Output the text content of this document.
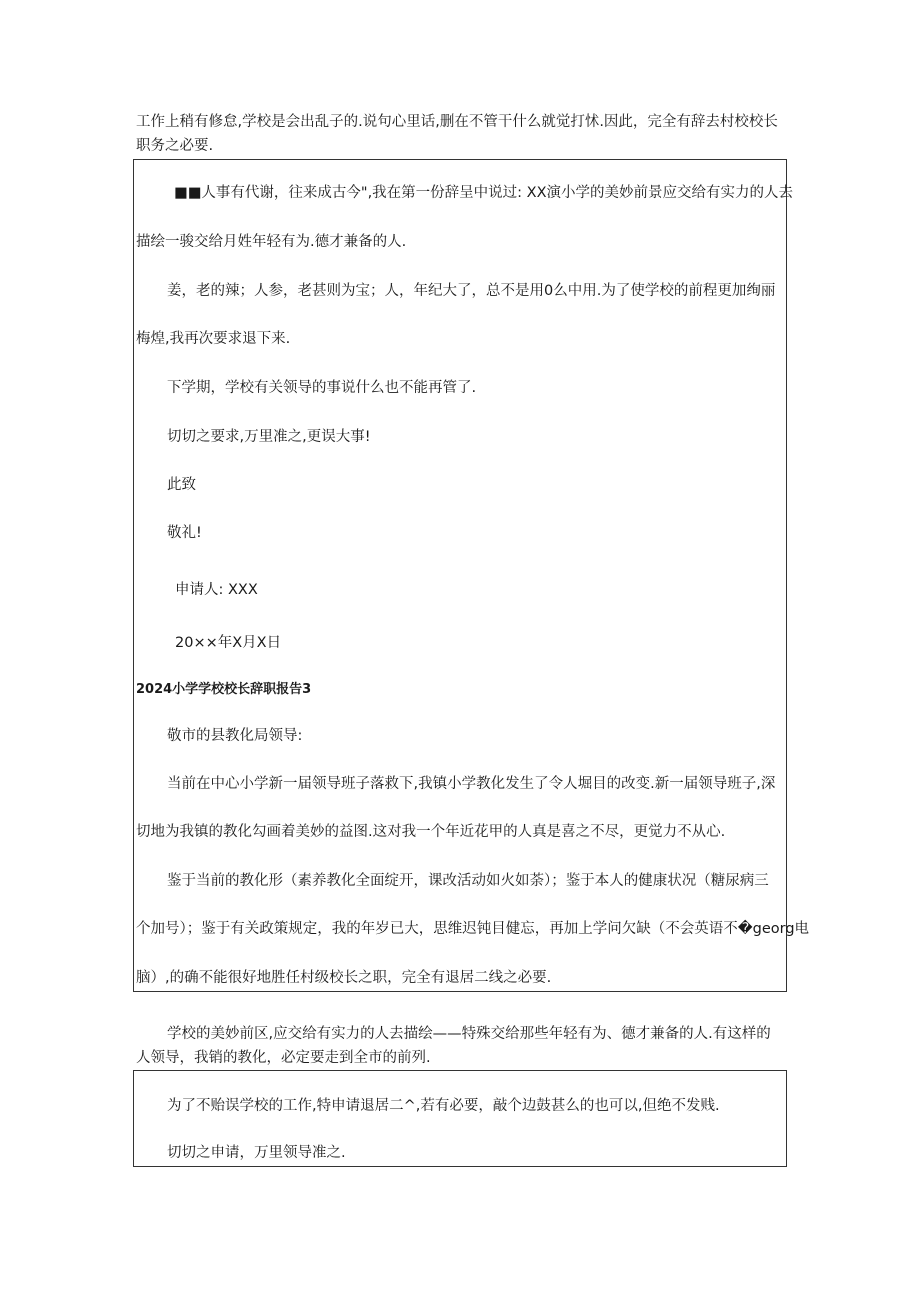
工作上稍有修怠,学校是会出乱子的.说句心里话,删在不管干什么就觉打怵.因此，完全有辞去村校校长

职务之必要.

■■人事有代谢，往来成古今",我在第一份辞呈中说过: XX演小学的美妙前景应交给有实力的人去

描绘一骏交给月姓年轻有为.德才兼备的人.

姜，老的辣；人参，老甚则为宝；人，年纪大了，总不是用0么中用.为了使学校的前程更加绚丽

梅煌,我再次要求退下来.

下学期，学校有关领导的事说什么也不能再管了.

切切之要求,万里准之,更误大事!

此致

敬礼!

申请人: XXX

20××年X月X日

2024小学学校校长辞职报告3

敬市的县教化局领导:

当前在中心小学新一届领导班子落救下,我镇小学教化发生了令人堀目的改变.新一届领导班子,深

切地为我镇的教化勾画着美妙的益图.这对我一个年近花甲的人真是喜之不尽，更觉力不从心.

鉴于当前的教化形（素养教化全面绽开，课改活动如火如荼）；鉴于本人的健康状况（糖尿病三

个加号）；鉴于有关政策规定，我的年岁已大，思维迟钝目健忘，再加上学问欠缺（不会英语不�georg电

脑）,的确不能很好地胜任村级校长之职，完全有退居二线之必要.

学校的美妙前区,应交给有实力的人去描绘——特殊交给那些年轻有为、德才兼备的人.有这样的

人领导，我销的教化，必定要走到全市的前列.

为了不贻误学校的工作,特申请退居二^,若有必要，敲个边鼓甚么的也可以,但绝不发贱.

切切之申请，万里领导准之.
